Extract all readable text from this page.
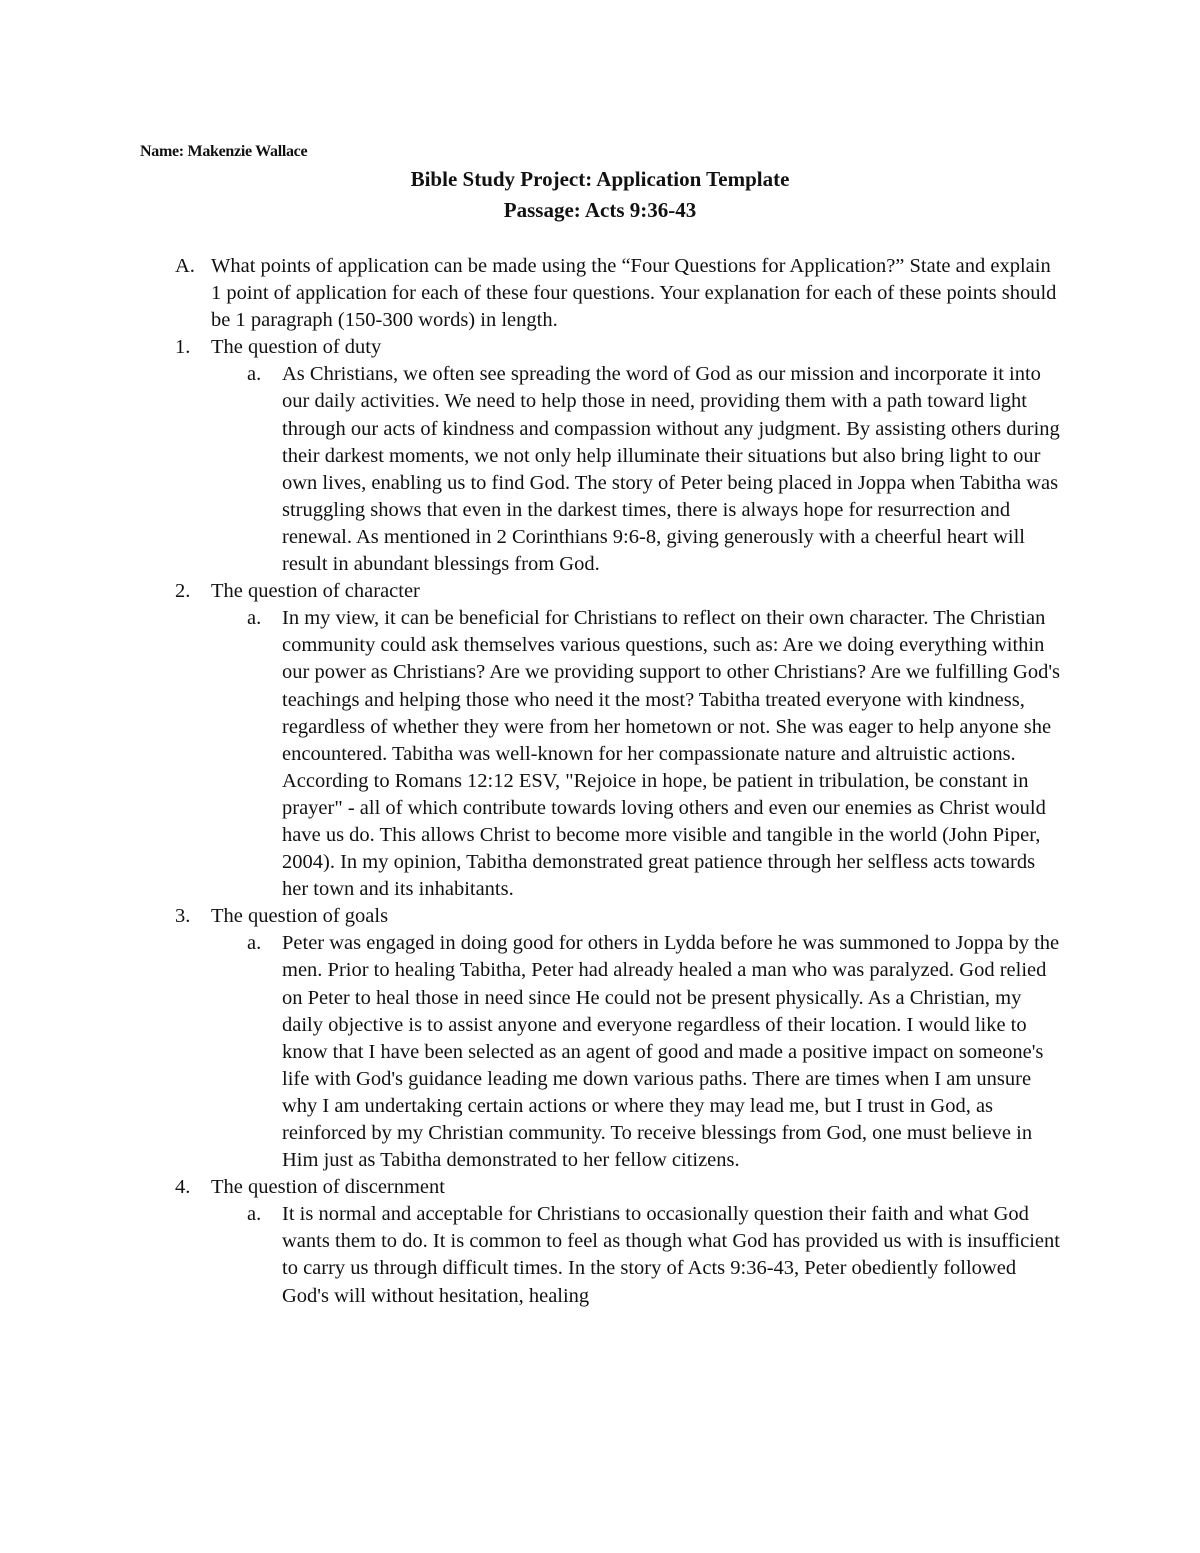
Name: Makenzie Wallace
Bible Study Project: Application Template
Passage: Acts 9:36-43
A. What points of application can be made using the “Four Questions for Application?” State and explain 1 point of application for each of these four questions. Your explanation for each of these points should be 1 paragraph (150-300 words) in length.
1. The question of duty
a. As Christians, we often see spreading the word of God as our mission and incorporate it into our daily activities. We need to help those in need, providing them with a path toward light through our acts of kindness and compassion without any judgment. By assisting others during their darkest moments, we not only help illuminate their situations but also bring light to our own lives, enabling us to find God. The story of Peter being placed in Joppa when Tabitha was struggling shows that even in the darkest times, there is always hope for resurrection and renewal. As mentioned in 2 Corinthians 9:6-8, giving generously with a cheerful heart will result in abundant blessings from God.
2. The question of character
a. In my view, it can be beneficial for Christians to reflect on their own character. The Christian community could ask themselves various questions, such as: Are we doing everything within our power as Christians? Are we providing support to other Christians? Are we fulfilling God's teachings and helping those who need it the most? Tabitha treated everyone with kindness, regardless of whether they were from her hometown or not. She was eager to help anyone she encountered. Tabitha was well-known for her compassionate nature and altruistic actions. According to Romans 12:12 ESV, "Rejoice in hope, be patient in tribulation, be constant in prayer" - all of which contribute towards loving others and even our enemies as Christ would have us do. This allows Christ to become more visible and tangible in the world (John Piper, 2004). In my opinion, Tabitha demonstrated great patience through her selfless acts towards her town and its inhabitants.
3. The question of goals
a. Peter was engaged in doing good for others in Lydda before he was summoned to Joppa by the men. Prior to healing Tabitha, Peter had already healed a man who was paralyzed. God relied on Peter to heal those in need since He could not be present physically. As a Christian, my daily objective is to assist anyone and everyone regardless of their location. I would like to know that I have been selected as an agent of good and made a positive impact on someone's life with God's guidance leading me down various paths. There are times when I am unsure why I am undertaking certain actions or where they may lead me, but I trust in God, as reinforced by my Christian community. To receive blessings from God, one must believe in Him just as Tabitha demonstrated to her fellow citizens.
4. The question of discernment
a. It is normal and acceptable for Christians to occasionally question their faith and what God wants them to do. It is common to feel as though what God has provided us with is insufficient to carry us through difficult times. In the story of Acts 9:36-43, Peter obediently followed God's will without hesitation, healing
